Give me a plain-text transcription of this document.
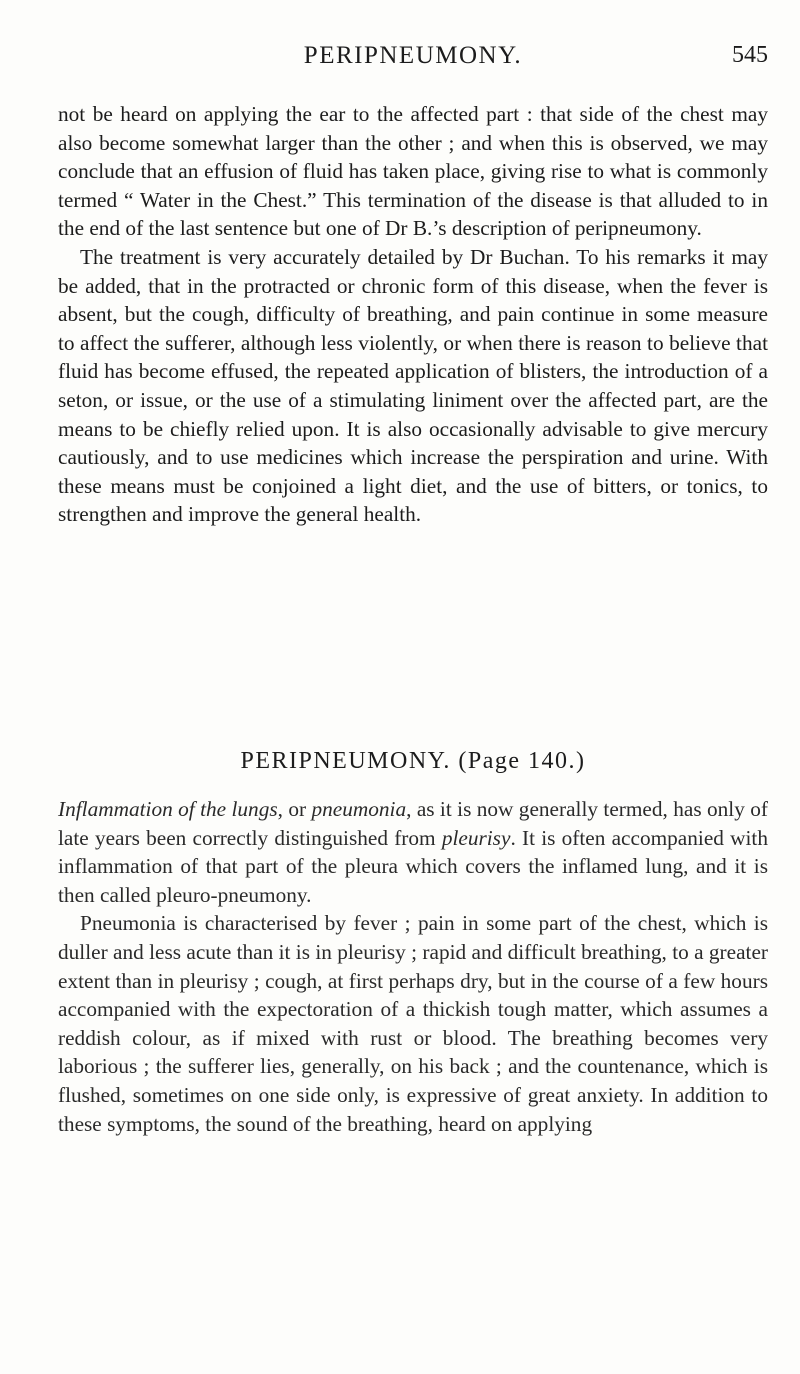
PERIPNEUMONY.	545

not be heard on applying the ear to the affected part : that side of the chest may also become somewhat larger than the other ; and when this is observed, we may conclude that an effusion of fluid has taken place, giving rise to what is commonly termed “ Water in the Chest.” This termination of the disease is that alluded to in the end of the last sentence but one of Dr B.’s description of peripneumony.

The treatment is very accurately detailed by Dr Buchan. To his remarks it may be added, that in the protracted or chronic form of this disease, when the fever is absent, but the cough, difficulty of breathing, and pain continue in some measure to affect the sufferer, although less violently, or when there is reason to believe that fluid has become effused, the repeated application of blisters, the introduction of a seton, or issue, or the use of a stimulating liniment over the affected part, are the means to be chiefly relied upon. It is also occasionally advisable to give mercury cautiously, and to use medicines which increase the perspiration and urine. With these means must be conjoined a light diet, and the use of bitters, or tonics, to strengthen and improve the general health.

PERIPNEUMONY. (Page 140.)

Inflammation of the lungs, or pneumonia, as it is now generally termed, has only of late years been correctly distinguished from pleurisy. It is often accompanied with inflammation of that part of the pleura which covers the inflamed lung, and it is then called pleuro-pneumony.

Pneumonia is characterised by fever ; pain in some part of the chest, which is duller and less acute than it is in pleurisy ; rapid and difficult breathing, to a greater extent than in pleurisy ; cough, at first perhaps dry, but in the course of a few hours accompanied with the expectoration of a thickish tough matter, which assumes a reddish colour, as if mixed with rust or blood. The breathing becomes very laborious ; the sufferer lies, generally, on his back ; and the countenance, which is flushed, sometimes on one side only, is expressive of great anxiety. In addition to these symptoms, the sound of the breathing, heard on applying
